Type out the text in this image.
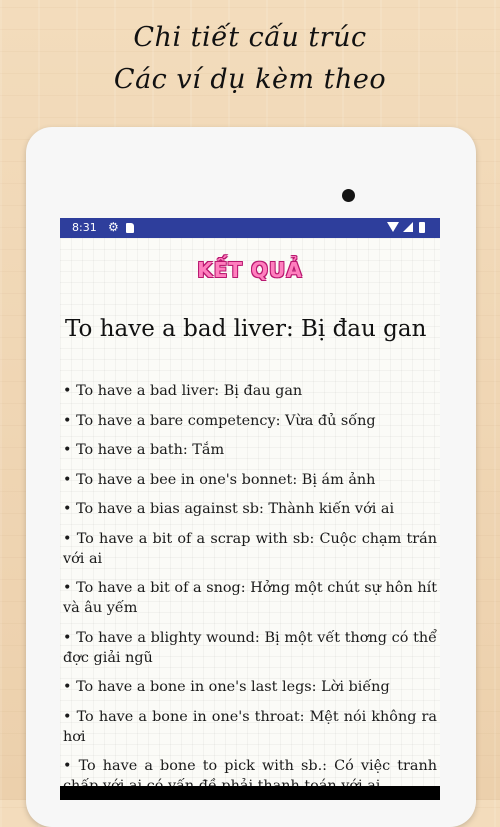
Chi tiết cấu trúc
Các ví dụ kèm theo
8:31 ⚙
KẾT QUẢ
To have a bad liver: Bị đau gan
• To have a bad liver: Bị đau gan
• To have a bare competency: Vừa đủ sống
• To have a bath: Tắm
• To have a bee in one's bonnet: Bị ám ảnh
• To have a bias against sb: Thành kiến với ai
• To have a bit of a scrap with sb: Cuộc chạm trán với ai
• To have a bit of a snog: Hởng một chút sự hôn hít và âu yếm
• To have a blighty wound: Bị một vết thơng có thể đợc giải ngũ
• To have a bone in one's last legs: Lời biếng
• To have a bone in one's throat: Mệt nói không ra hơi
• To have a bone to pick with sb.: Có việc tranh
